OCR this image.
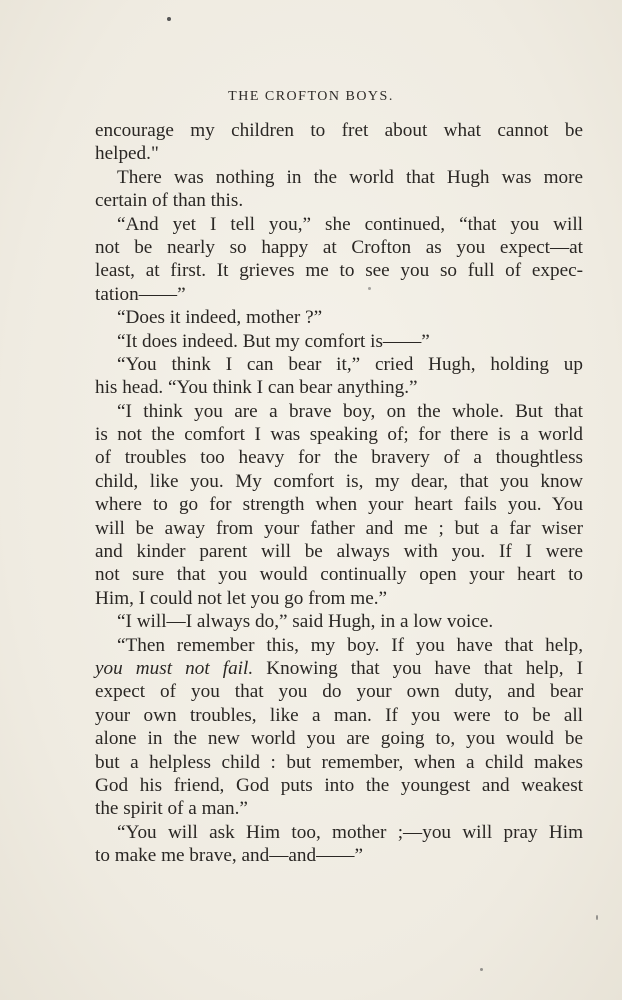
THE CROFTON BOYS.
encourage my children to fret about what cannot be
helped."
There was nothing in the world that Hugh was more
certain of than this.
“And yet I tell you,” she continued, “that you will
not be nearly so happy at Crofton as you expect—at
least, at first. It grieves me to see you so full of expec-
tation——”
“Does it indeed, mother ?”
“It does indeed. But my comfort is——”
“You think I can bear it,” cried Hugh, holding up
his head. “You think I can bear anything.”
“I think you are a brave boy, on the whole. But that
is not the comfort I was speaking of; for there is a world
of troubles too heavy for the bravery of a thoughtless
child, like you. My comfort is, my dear, that you know
where to go for strength when your heart fails you. You
will be away from your father and me ; but a far wiser
and kinder parent will be always with you. If I were
not sure that you would continually open your heart to
Him, I could not let you go from me.”
“I will—I always do,” said Hugh, in a low voice.
“Then remember this, my boy. If you have that help,
you must not fail. Knowing that you have that help, I
expect of you that you do your own duty, and bear
your own troubles, like a man. If you were to be all
alone in the new world you are going to, you would be
but a helpless child : but remember, when a child makes
God his friend, God puts into the youngest and weakest
the spirit of a man.”
“You will ask Him too, mother ;—you will pray Him
to make me brave, and—and——”
